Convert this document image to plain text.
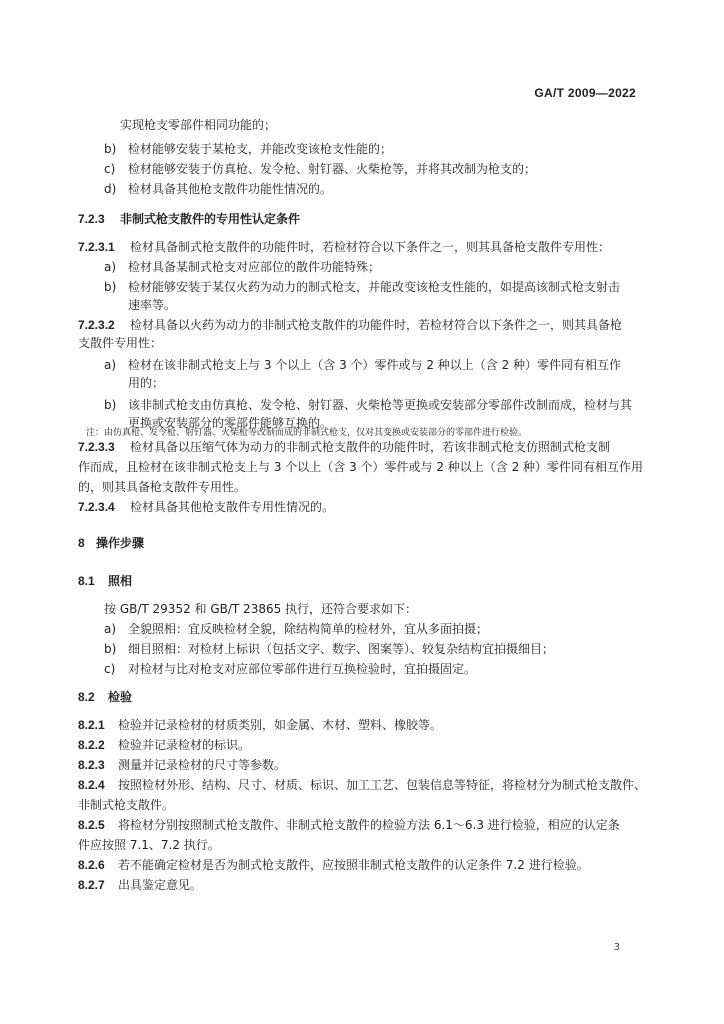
GA/T 2009—2022
实现枪支零部件相同功能的；
b) 检材能够安装于某枪支，并能改变该枪支性能的；
c) 检材能够安装于仿真枪、发令枪、射钉器、火柴枪等，并将其改制为枪支的；
d) 检材具备其他枪支散件功能性情况的。
7.2.3 非制式枪支散件的专用性认定条件
7.2.3.1 检材具备制式枪支散件的功能件时，若检材符合以下条件之一，则其具备枪支散件专用性：
a) 检材具备某制式枪支对应部位的散件功能特殊；
b) 检材能够安装于某仅火药为动力的制式枪支，并能改变该枪支性能的，如提高该制式枪支射击
速率等。
7.2.3.2 检材具备以火药为动力的非制式枪支散件的功能件时，若检材符合以下条件之一，则其具备枪
支散件专用性：
a) 检材在该非制式枪支上与 3 个以上（含 3 个）零件或与 2 种以上（含 2 种）零件同有相互作
用的；
b) 该非制式枪支由仿真枪、发令枪、射钉器、火柴枪等更换或安装部分零部件改制而成，检材与其
更换或安装部分的零部件能够互换的。
注：由仿真枪、发令枪、射钉器、火柴枪等改制而成的非制式枪支，仅对其变换或安装部分的零部件进行检验。
7.2.3.3 检材具备以压缩气体为动力的非制式枪支散件的功能件时，若该非制式枪支仿照制式枪支制
作而成，且检材在该非制式枪支上与 3 个以上（含 3 个）零件或与 2 种以上（含 2 种）零件同有相互作用
的，则其具备枪支散件专用性。
7.2.3.4 检材具备其他枪支散件专用性情况的。
8 操作步骤
8.1 照相
按 GB/T 29352 和 GB/T 23865 执行，还符合要求如下：
a) 全貌照相：宜反映检材全貌，除结构简单的检材外，宜从多面拍摄；
b) 细目照相：对检材上标识（包括文字、数字、图案等）、较复杂结构宜拍摄细目；
c) 对检材与比对枪支对应部位零部件进行互换检验时，宜拍摄固定。
8.2 检验
8.2.1 检验并记录检材的材质类别，如金属、木材、塑料、橡胶等。
8.2.2 检验并记录检材的标识。
8.2.3 测量并记录检材的尺寸等参数。
8.2.4 按照检材外形、结构、尺寸、材质、标识、加工工艺、包装信息等特征，将检材分为制式枪支散件、
非制式枪支散件。
8.2.5 将检材分别按照制式枪支散件、非制式枪支散件的检验方法 6.1～6.3 进行检验，相应的认定条
件应按照 7.1、7.2 执行。
8.2.6 若不能确定检材是否为制式枪支散件，应按照非制式枪支散件的认定条件 7.2 进行检验。
8.2.7 出具鉴定意见。
3
